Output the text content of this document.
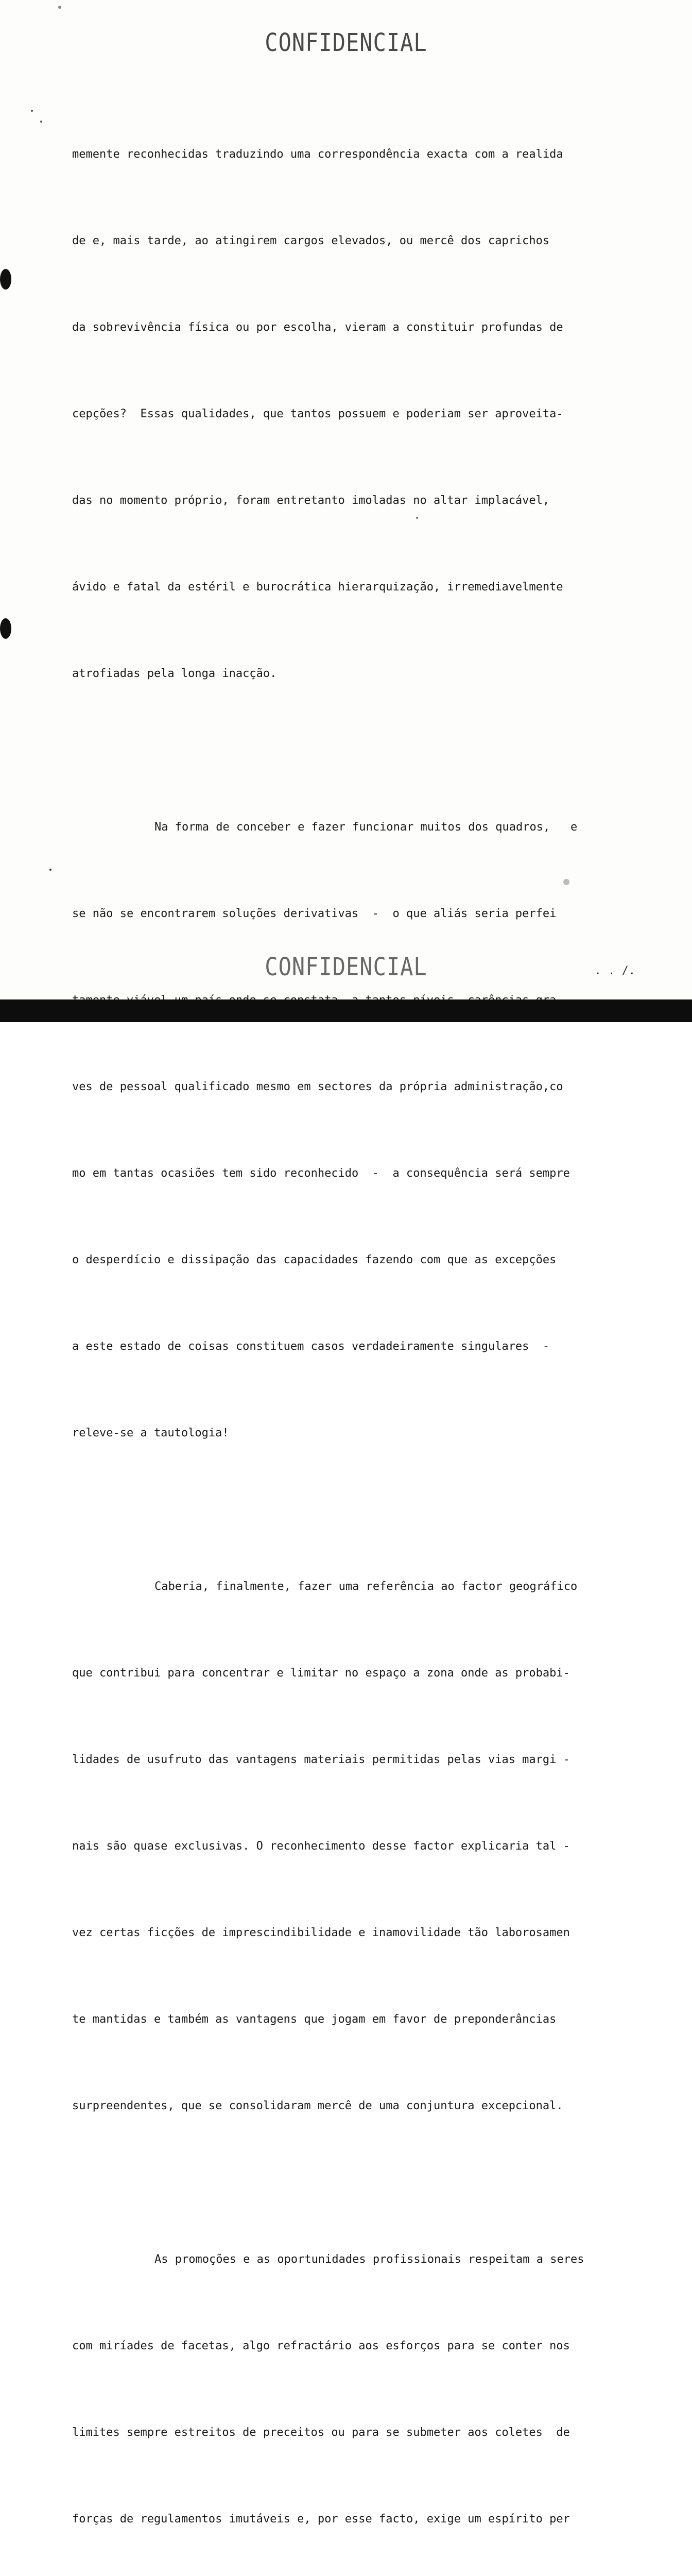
CONFIDENCIAL

memente reconhecidas traduzindo uma correspondência exacta com a realida

de e, mais tarde, ao atingirem cargos elevados, ou mercê dos caprichos

da sobrevivência física ou por escolha, vieram a constituir profundas de

cepções?  Essas qualidades, que tantos possuem e poderiam ser aproveita-

das no momento próprio, foram entretanto imoladas no altar implacável,

ávido e fatal da estéril e burocrática hierarquização, irremediavelmente

atrofiadas pela longa inacção.

Na forma de conceber e fazer funcionar muitos dos quadros,   e

se não se encontrarem soluções derivativas  -  o que aliás seria perfei

ves de pessoal qualificado mesmo em sectores da própria administração,co

mo em tantas ocasiões tem sido reconhecido  -  a consequência será sempre

o desperdício e dissipação das capacidades fazendo com que as excepções

a este estado de coisas constituem casos verdadeiramente singulares  -

releve-se a tautologia!

Caberia, finalmente, fazer uma referência ao factor geográfico

que contribui para concentrar e limitar no espaço a zona onde as probabi-

lidades de usufruto das vantagens materiais permitidas pelas vias margi -

nais são quase exclusivas. O reconhecimento desse factor explicaria tal -

vez certas ficções de imprescindibilidade e inamovilidade tão laborosamen

te mantidas e também as vantagens que jogam em favor de preponderâncias

surpreendentes, que se consolidaram mercê de uma conjuntura excepcional.

As promoções e as oportunidades profissionais respeitam a seres

com miríades de facetas, algo refractário aos esforços para se conter nos

limites sempre estreitos de preceitos ou para se submeter aos coletes  de

forças de regulamentos imutáveis e, por esse facto, exige um espírito per

CONFIDENCIAL	. . /.
